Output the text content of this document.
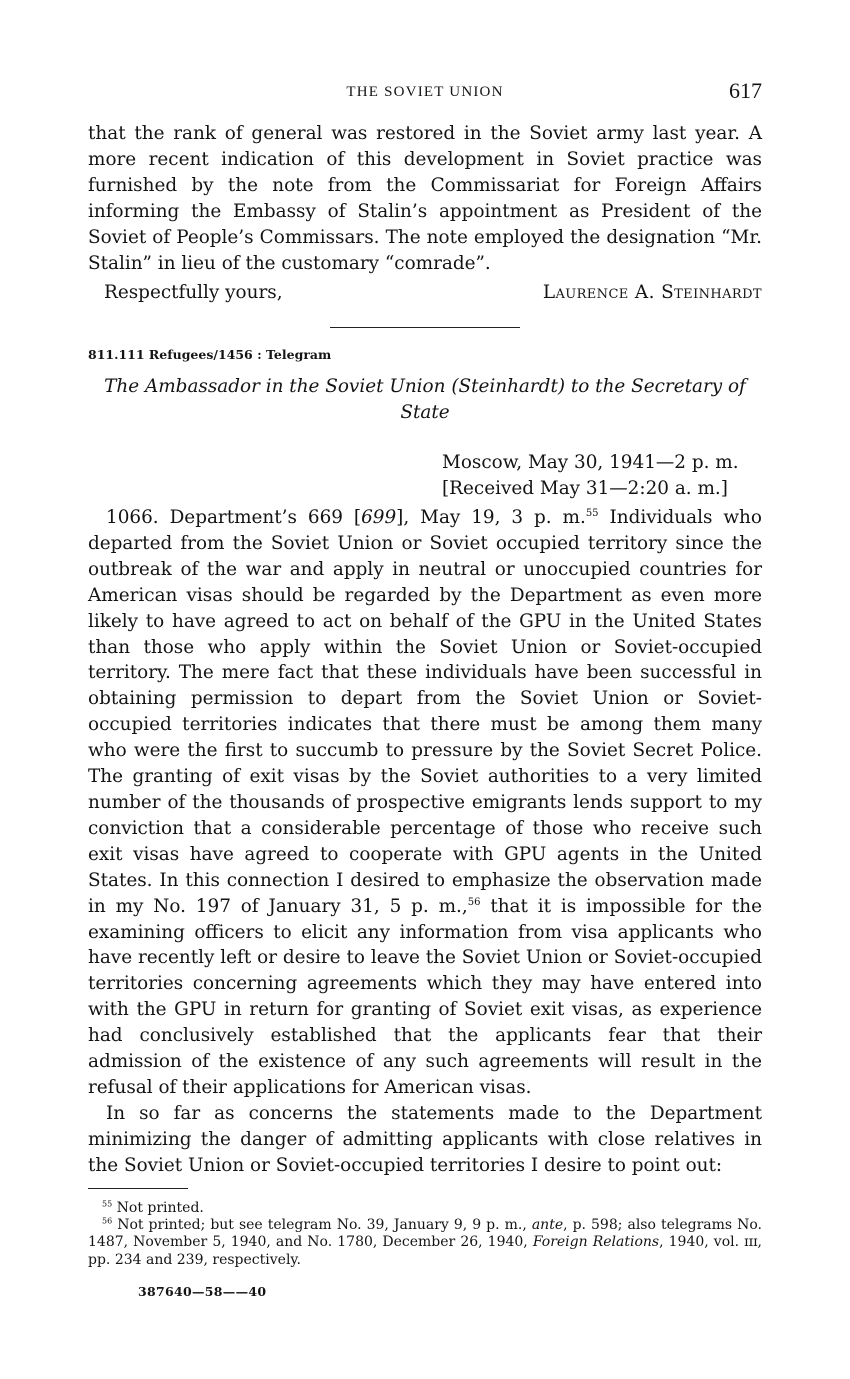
THE SOVIET UNION	617

that the rank of general was restored in the Soviet army last year. A more recent indication of this development in Soviet practice was furnished by the note from the Commissariat for Foreign Affairs informing the Embassy of Stalin’s appointment as President of the Soviet of People’s Commissars. The note employed the designation “Mr. Stalin” in lieu of the customary “comrade”.

Respectfully yours,	Laurence A. Steinhardt
811.111 Refugees/1456 : Telegram
The Ambassador in the Soviet Union (Steinhardt) to the Secretary of State
Moscow, May 30, 1941—2 p. m.
[Received May 31—2:20 a. m.]

1066. Department’s 669 [699], May 19, 3 p. m.$^{55}$ Individuals who departed from the Soviet Union or Soviet occupied territory since the outbreak of the war and apply in neutral or unoccupied countries for American visas should be regarded by the Department as even more likely to have agreed to act on behalf of the GPU in the United States than those who apply within the Soviet Union or Soviet-occupied territory. The mere fact that these individuals have been successful in obtaining permission to depart from the Soviet Union or Soviet-occupied territories indicates that there must be among them many who were the first to succumb to pressure by the Soviet Secret Police. The granting of exit visas by the Soviet authorities to a very limited number of the thousands of prospective emigrants lends support to my conviction that a considerable percentage of those who receive such exit visas have agreed to cooperate with GPU agents in the United States. In this connection I desired to emphasize the observation made in my No. 197 of January 31, 5 p. m.,$^{56}$ that it is impossible for the examining officers to elicit any information from visa applicants who have recently left or desire to leave the Soviet Union or Soviet-occupied territories concerning agreements which they may have entered into with the GPU in return for granting of Soviet exit visas, as experience had conclusively established that the applicants fear that their admission of the existence of any such agreements will result in the refusal of their applications for American visas.

In so far as concerns the statements made to the Department minimizing the danger of admitting applicants with close relatives in the Soviet Union or Soviet-occupied territories I desire to point out:

$^{55}$ Not printed.

$^{56}$ Not printed; but see telegram No. 39, January 9, 9 p. m., ante, p. 598; also telegrams No. 1487, November 5, 1940, and No. 1780, December 26, 1940, Foreign Relations, 1940, vol. ɪɪɪ, pp. 234 and 239, respectively.

387640—58——40
